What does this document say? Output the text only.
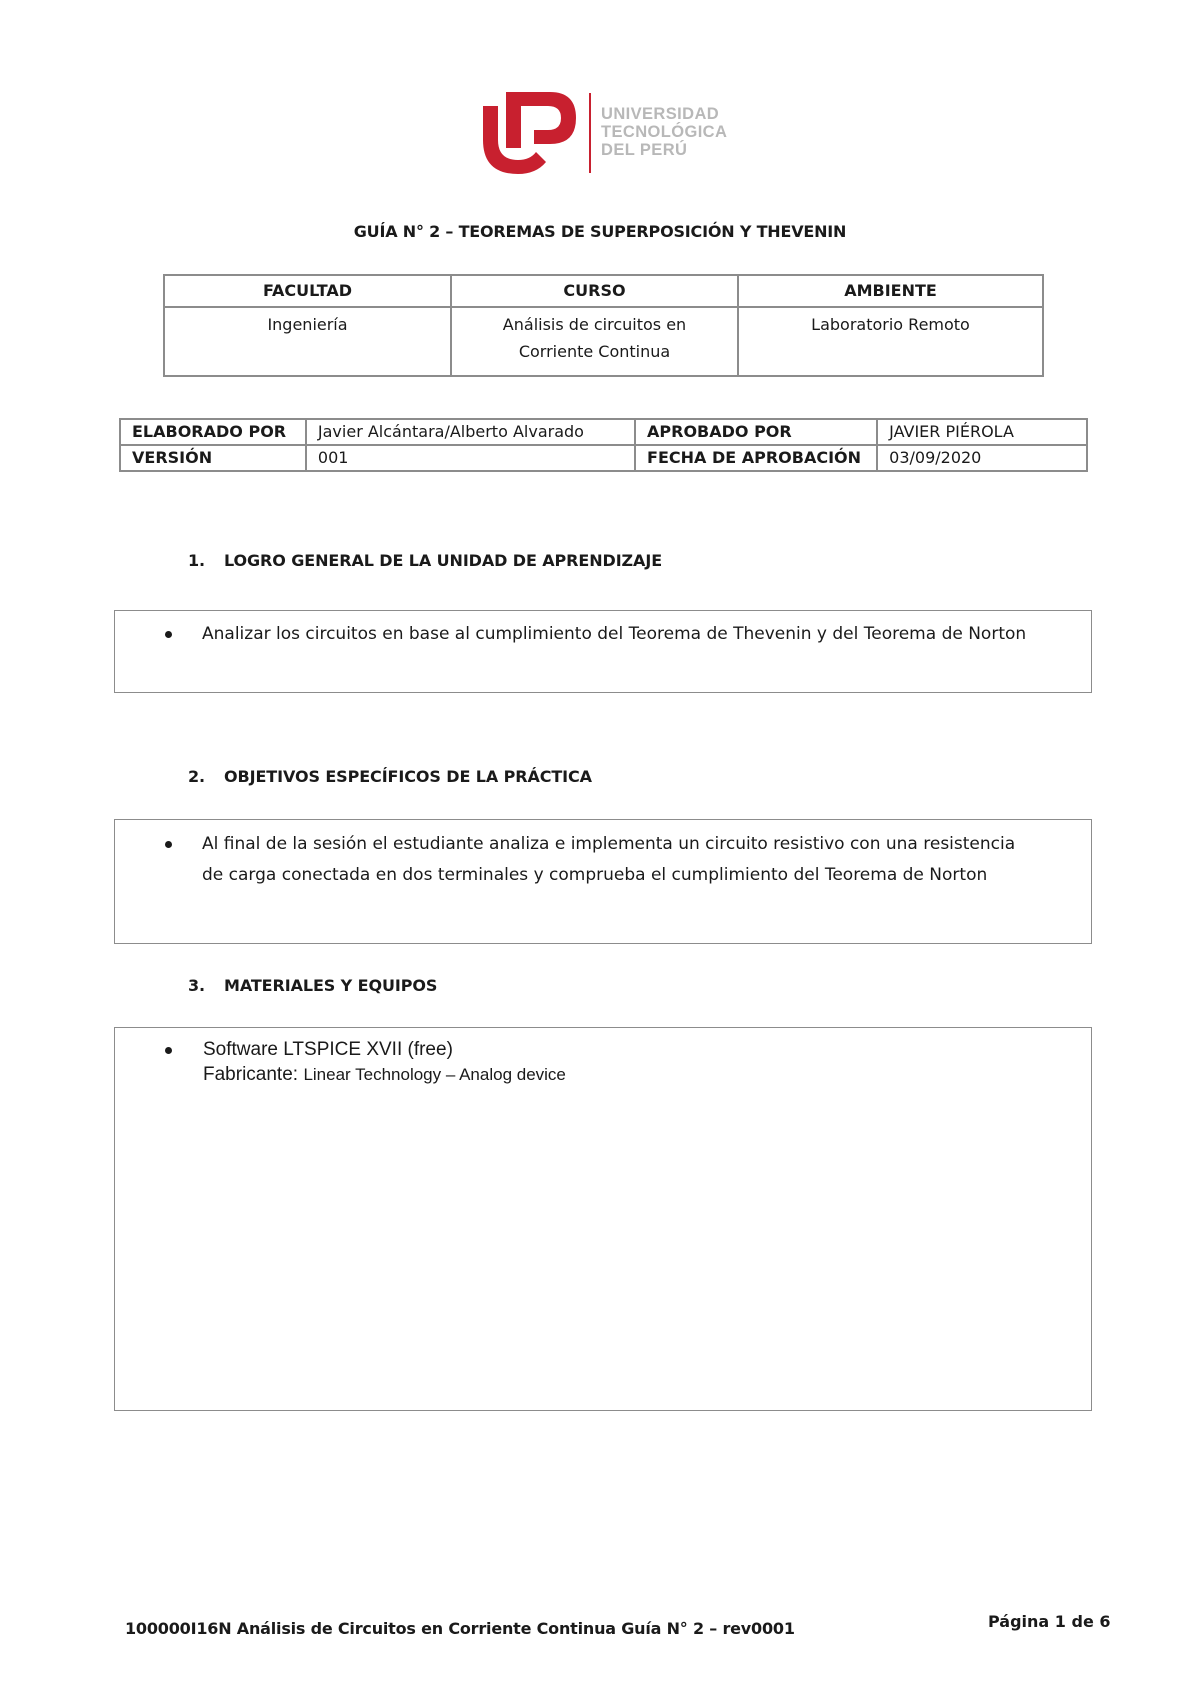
UNIVERSIDAD
TECNOLÓGICA
DEL PERÚ
GUÍA N° 2 – TEOREMAS DE SUPERPOSICIÓN Y THEVENIN
FACULTAD	CURSO	AMBIENTE
Ingeniería	Análisis de circuitos en Corriente Continua	Laboratorio Remoto
ELABORADO POR	Javier Alcántara/Alberto Alvarado	APROBADO POR	JAVIER PIÉROLA
VERSIÓN	001	FECHA DE APROBACIÓN	03/09/2020
1. LOGRO GENERAL DE LA UNIDAD DE APRENDIZAJE
Analizar los circuitos en base al cumplimiento del Teorema de Thevenin y del Teorema de Norton
2. OBJETIVOS ESPECÍFICOS DE LA PRÁCTICA
Al final de la sesión el estudiante analiza e implementa un circuito resistivo con una resistencia
de carga conectada en dos terminales y comprueba el cumplimiento del Teorema de Norton
3. MATERIALES Y EQUIPOS
Software LTSPICE XVII (free)
Fabricante: Linear Technology – Analog device
100000I16N Análisis de Circuitos en Corriente Continua Guía N° 2 – rev0001	Página 1 de 6
